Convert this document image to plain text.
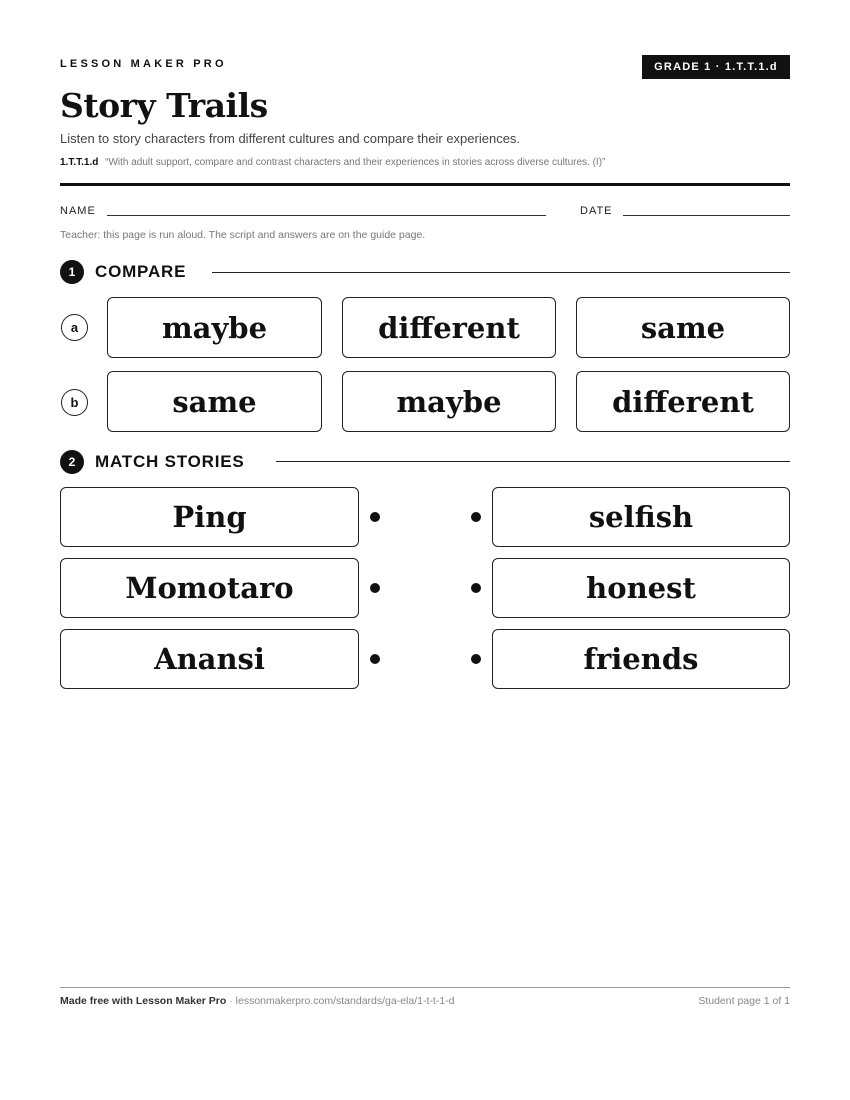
LESSON MAKER PRO	GRADE 1 · 1.T.T.1.d
Story Trails
Listen to story characters from different cultures and compare their experiences.
1.T.T.1.d “With adult support, compare and contrast characters and their experiences in stories across diverse cultures. (I)”
NAME	DATE
Teacher: this page is run aloud. The script and answers are on the guide page.
1	COMPARE
a	maybe	different	same
b	same	maybe	different
2	MATCH STORIES
Ping	selfish
Momotaro	honest
Anansi	friends
Made free with Lesson Maker Pro · lessonmakerpro.com/standards/ga-ela/1-t-t-1-d	Student page 1 of 1
